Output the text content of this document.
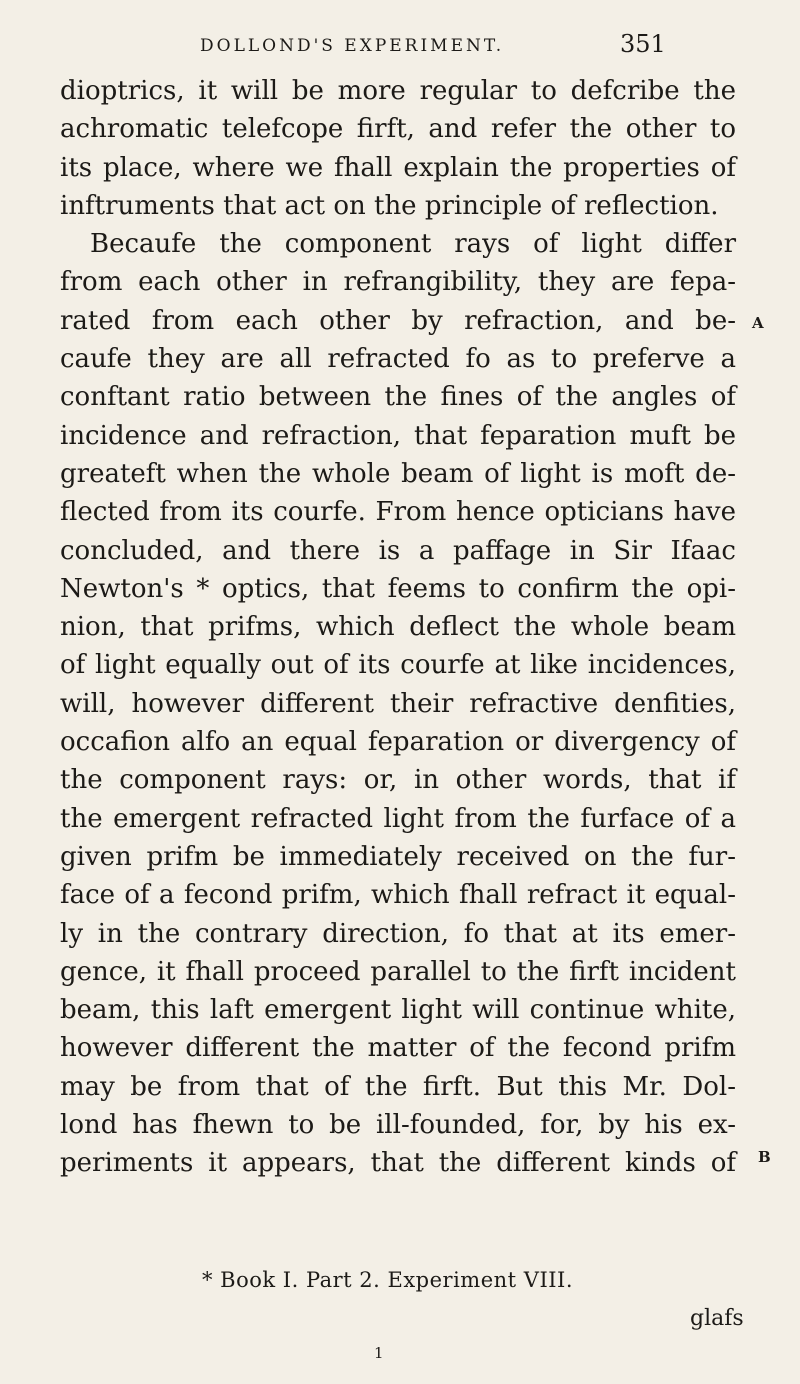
DOLLOND'S EXPERIMENT.	351
dioptrics, it will be more regular to defcribe the
achromatic telefcope firft, and refer the other to
its place, where we fhall explain the properties of
inftruments that act on the principle of reflection.
Becaufe the component rays of light differ
from each other in refrangibility, they are fepa-
rated from each other by refraction, and be-
caufe they are all refracted fo as to preferve a
conftant ratio between the fines of the angles of
incidence and refraction, that feparation muft be
greateft when the whole beam of light is moft de-
flected from its courfe. From hence opticians have
concluded, and there is a paffage in Sir Ifaac
Newton's * optics, that feems to confirm the opi-
nion, that prifms, which deflect the whole beam
of light equally out of its courfe at like incidences,
will, however different their refractive denfities,
occafion alfo an equal feparation or divergency of
the component rays: or, in other words, that if
the emergent refracted light from the furface of a
given prifm be immediately received on the fur-
face of a fecond prifm, which fhall refract it equal-
ly in the contrary direction, fo that at its emer-
gence, it fhall proceed parallel to the firft incident
beam, this laft emergent light will continue white,
however different the matter of the fecond prifm
may be from that of the firft. But this Mr. Dol-
lond has fhewn to be ill-founded, for, by his ex-
periments it appears, that the different kinds of
A
B
* Book I. Part 2. Experiment VIII.
glafs
1
